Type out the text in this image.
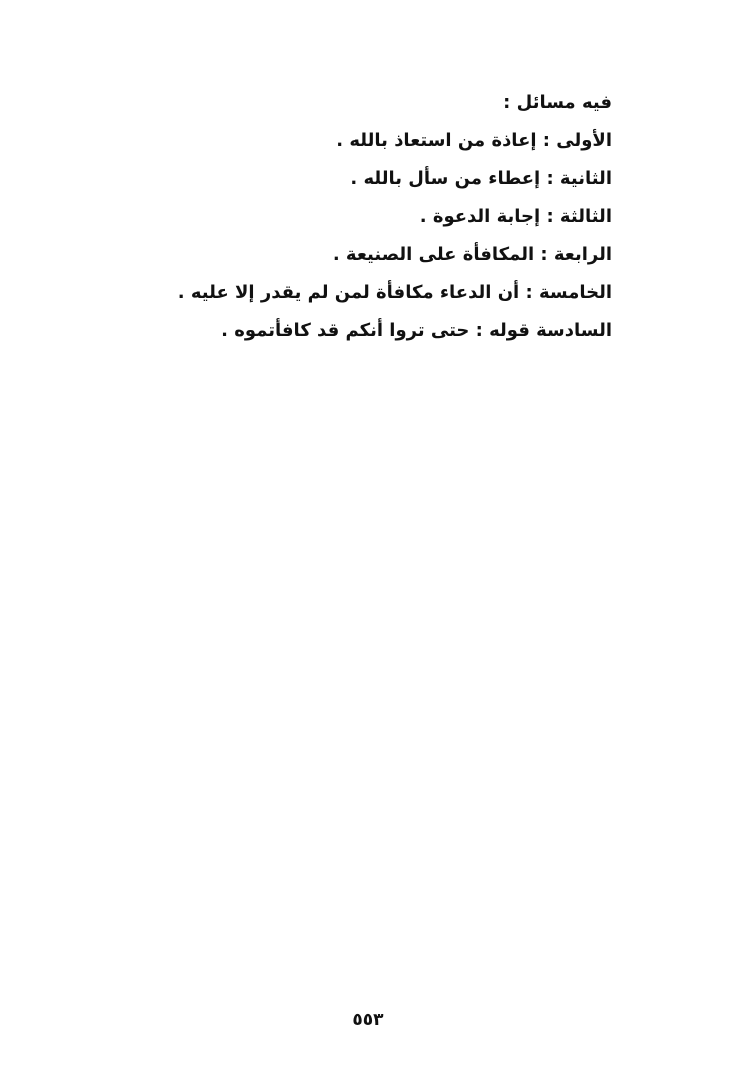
فيه مسائل :
الأولى : إعاذة من استعاذ بالله .
الثانية : إعطاء من سأل بالله .
الثالثة : إجابة الدعوة .
الرابعة : المكافأة على الصنيعة .
الخامسة : أن الدعاء مكافأة لمن لم يقدر إلا عليه .
السادسة قوله : حتى تروا أنكم قد كافأتموه .
٥٥٣
